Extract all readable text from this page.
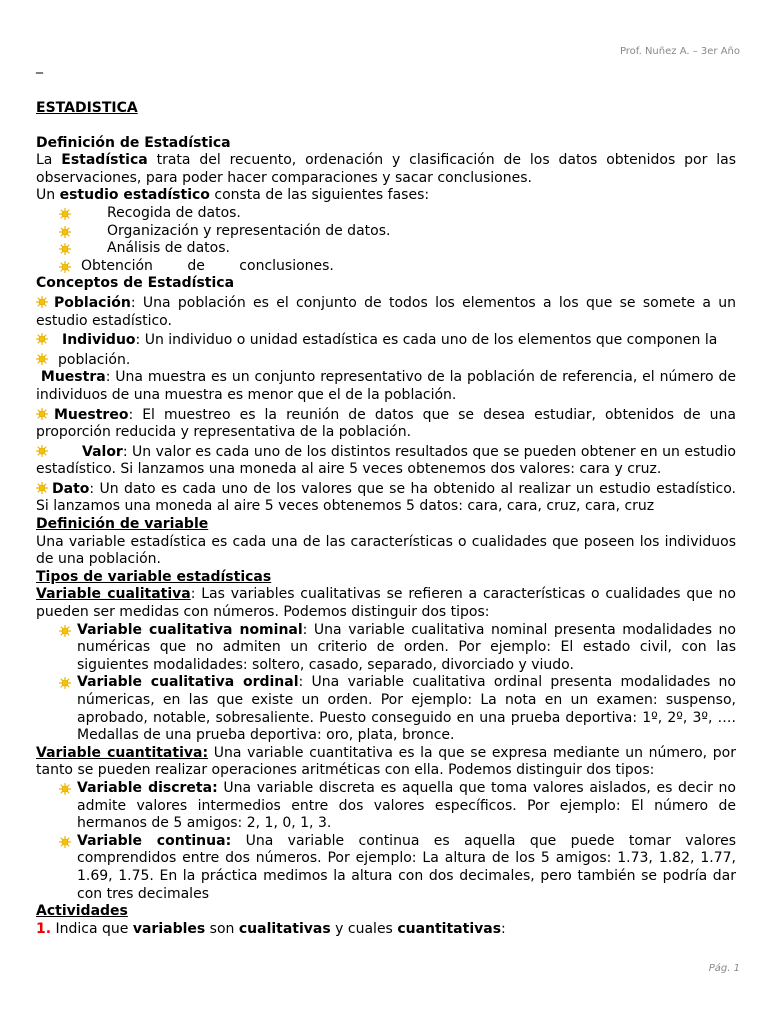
Prof. Nuñez A. – 3er Año
_

ESTADISTICA

Definición de Estadística

La Estadística trata del recuento, ordenación y clasificación de los datos obtenidos por las observaciones, para poder hacer comparaciones y sacar conclusiones.

Un estudio estadístico consta de las siguientes fases:

Recogida de datos.
Organización y representación de datos.
Análisis de datos.
Obtención de conclusiones.

Conceptos de Estadística

Población: Una población es el conjunto de todos los elementos a los que se somete a un estudio estadístico.

Individuo: Un individuo o unidad estadística es cada uno de los elementos que componen la

población.

Muestra: Una muestra es un conjunto representativo de la población de referencia, el número de individuos de una muestra es menor que el de la población.

Muestreo: El muestreo es la reunión de datos que se desea estudiar, obtenidos de una proporción reducida y representativa de la población.

Valor: Un valor es cada uno de los distintos resultados que se pueden obtener en un estudio estadístico. Si lanzamos una moneda al aire 5 veces obtenemos dos valores: cara y cruz.

Dato: Un dato es cada uno de los valores que se ha obtenido al realizar un estudio estadístico. Si lanzamos una moneda al aire 5 veces obtenemos 5 datos: cara, cara, cruz, cara, cruz

Definición de variable

Una variable estadística es cada una de las características o cualidades que poseen los individuos de una población.

Tipos de variable estadísticas

Variable cualitativa: Las variables cualitativas se refieren a características o cualidades que no pueden ser medidas con números. Podemos distinguir dos tipos:

Variable cualitativa nominal: Una variable cualitativa nominal presenta modalidades no numéricas que no admiten un criterio de orden. Por ejemplo: El estado civil, con las siguientes modalidades: soltero, casado, separado, divorciado y viudo.
Variable cualitativa ordinal: Una variable cualitativa ordinal presenta modalidades no númericas, en las que existe un orden. Por ejemplo: La nota en un examen: suspenso, aprobado, notable, sobresaliente. Puesto conseguido en una prueba deportiva: 1º, 2º, 3º, …. Medallas de una prueba deportiva: oro, plata, bronce.

Variable cuantitativa: Una variable cuantitativa es la que se expresa mediante un número, por tanto se pueden realizar operaciones aritméticas con ella. Podemos distinguir dos tipos:

Variable discreta: Una variable discreta es aquella que toma valores aislados, es decir no admite valores intermedios entre dos valores específicos. Por ejemplo: El número de hermanos de 5 amigos: 2, 1, 0, 1, 3.
Variable continua: Una variable continua es aquella que puede tomar valores comprendidos entre dos números. Por ejemplo: La altura de los 5 amigos: 1.73, 1.82, 1.77, 1.69, 1.75. En la práctica medimos la altura con dos decimales, pero también se podría dar con tres decimales

Actividades

1. Indica que variables son cualitativas y cuales cuantitativas:

Pág. 1
